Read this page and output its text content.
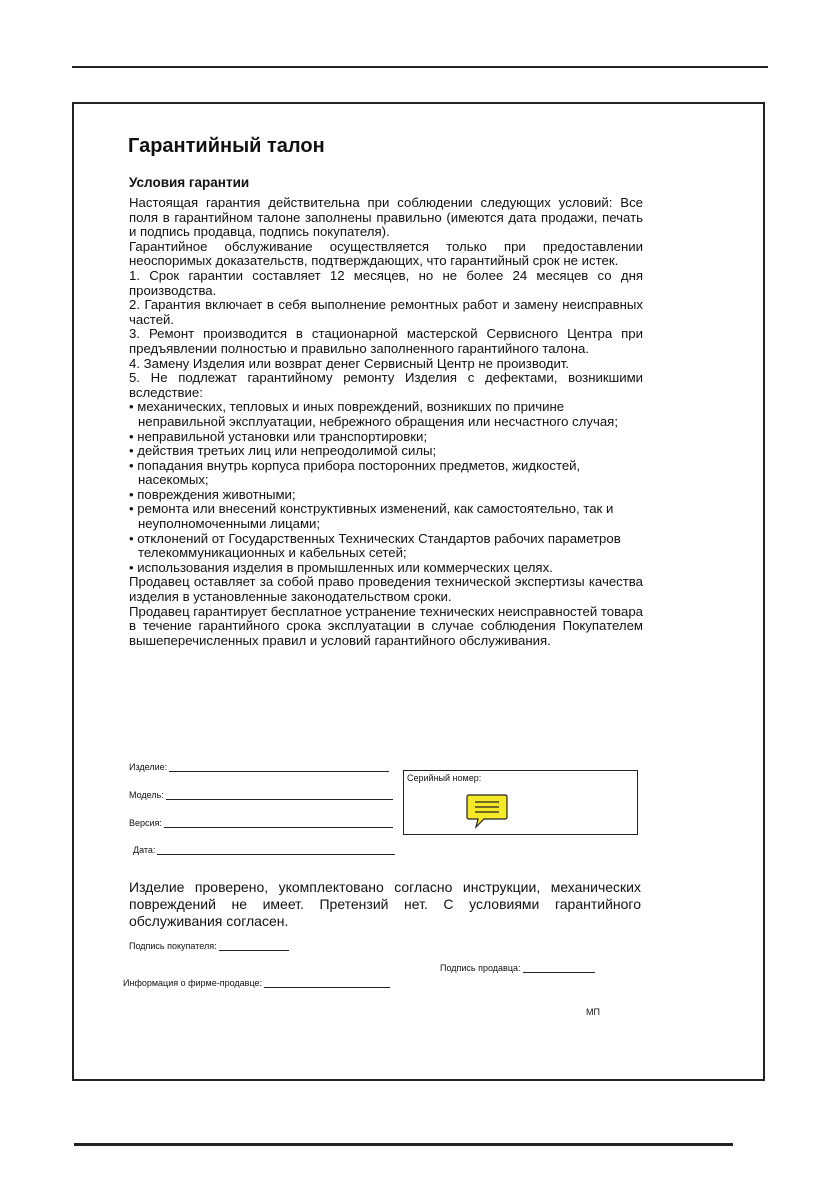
Гарантийный талон
Условия гарантии

Настоящая гарантия действительна при соблюдении следующих условий: Все поля в гарантийном талоне заполнены правильно (имеются дата продажи, печать и подпись продавца, подпись покупателя).

Гарантийное обслуживание осуществляется только при предоставлении неоспоримых доказательств, подтверждающих, что гарантийный срок не истек.

1. Срок гарантии составляет 12 месяцев, но не более 24 месяцев со дня производства.

2. Гарантия включает в себя выполнение ремонтных работ и замену неисправных частей.

3. Ремонт производится в стационарной мастерской Сервисного Центра при предъявлении полностью и правильно заполненного гарантийного талона.

4. Замену Изделия или возврат денег Сервисный Центр не производит.

5. Не подлежат гарантийному ремонту Изделия с дефектами, возникшими вследствие:

• механических, тепловых и иных повреждений, возникших по причине неправильной эксплуатации, небрежного обращения или несчастного случая;

• неправильной установки или транспортировки;

• действия третьих лиц или непреодолимой силы;

• попадания внутрь корпуса прибора посторонних предметов, жидкостей, насекомых;

• повреждения животными;

• ремонта или внесений конструктивных изменений, как самостоятельно, так и неуполномоченными лицами;

• отклонений от Государственных Технических Стандартов рабочих параметров телекоммуникационных и кабельных сетей;

• использования изделия в промышленных или коммерческих целях.

Продавец оставляет за собой право проведения технической экспертизы качества изделия в установленные законодательством сроки.

Продавец гарантирует бесплатное устранение технических неисправностей товара в течение гарантийного срока эксплуатации в случае соблюдения Покупателем вышеперечисленных правил и условий гарантийного обслуживания.

Изделие:
Модель:
Версия:
Дата:
Серийный номер:

Изделие проверено, укомплектовано согласно инструкции, механических повреждений не имеет. Претензий нет. С условиями гарантийного обслуживания согласен.

Подпись покупателя:
Подпись продавца:
Информация о фирме-продавце:
МП
